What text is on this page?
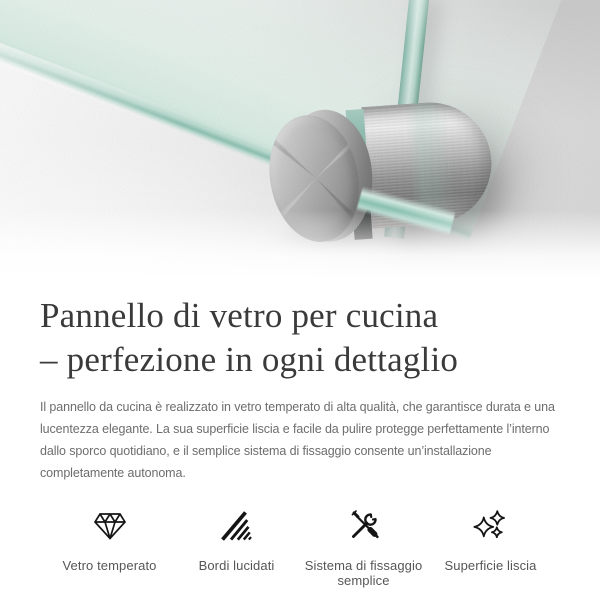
Pannello di vetro per cucina
– perfezione in ogni dettaglio

Il pannello da cucina è realizzato in vetro temperato di alta qualità, che garantisce durata e una
lucentezza elegante. La sua superficie liscia e facile da pulire protegge perfettamente l’interno
dallo sporco quotidiano, e il semplice sistema di fissaggio consente un’installazione
completamente autonoma.

Vetro temperato	Bordi lucidati	Sistema di fissaggio semplice
Superficie liscia
